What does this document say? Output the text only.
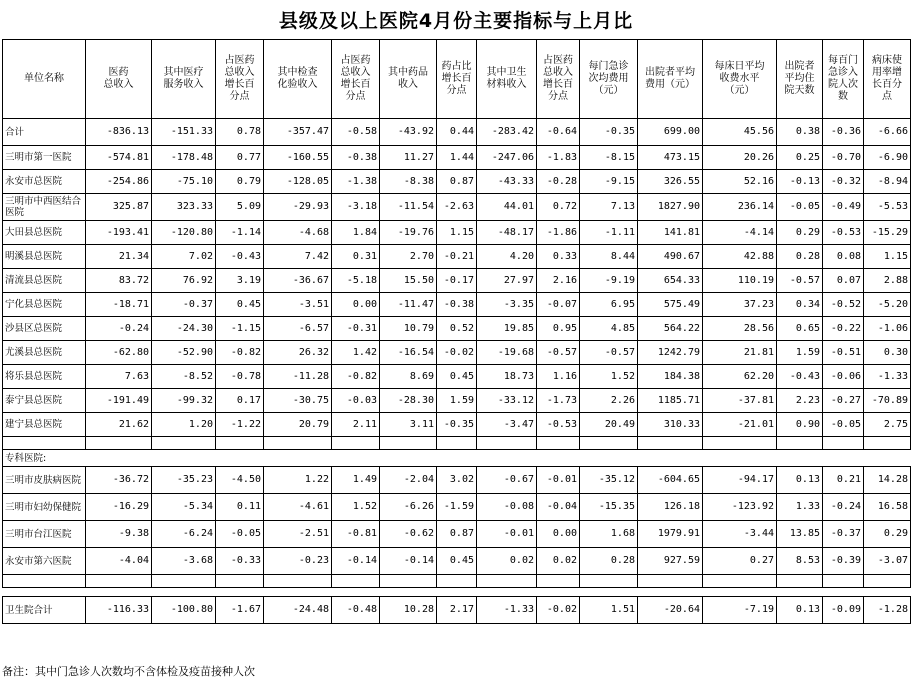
县级及以上医院4月份主要指标与上月比
单位名称	医药
总收入	其中医疗
服务收入	占医药
总收入
增长百
分点	其中检查
化验收入	占医药
总收入
增长百
分点	其中药品
收入	药占比
增长百
分点	其中卫生
材料收入	占医药
总收入
增长百
分点	每门急诊
次均费用
（元）	出院者平均
费用（元）	每床日平均
收费水平
（元）	出院者
平均住
院天数	每百门
急诊入
院人次
数	病床使
用率增
长百分
点
合计	-836.13	-151.33	0.78	-357.47	-0.58	-43.92	0.44	-283.42	-0.64	-0.35	699.00	45.56	0.38	-0.36	-6.66
三明市第一医院	-574.81	-178.48	0.77	-160.55	-0.38	11.27	1.44	-247.06	-1.83	-8.15	473.15	20.26	0.25	-0.70	-6.90
永安市总医院	-254.86	-75.10	0.79	-128.05	-1.38	-8.38	0.87	-43.33	-0.28	-9.15	326.55	52.16	-0.13	-0.32	-8.94
三明市中西医结合医院	325.87	323.33	5.09	-29.93	-3.18	-11.54	-2.63	44.01	0.72	7.13	1827.90	236.14	-0.05	-0.49	-5.53
大田县总医院	-193.41	-120.80	-1.14	-4.68	1.84	-19.76	1.15	-48.17	-1.86	-1.11	141.81	-4.14	0.29	-0.53	-15.29
明溪县总医院	21.34	7.02	-0.43	7.42	0.31	2.70	-0.21	4.20	0.33	8.44	490.67	42.88	0.28	0.08	1.15
清流县总医院	83.72	76.92	3.19	-36.67	-5.18	15.50	-0.17	27.97	2.16	-9.19	654.33	110.19	-0.57	0.07	2.88
宁化县总医院	-18.71	-0.37	0.45	-3.51	0.00	-11.47	-0.38	-3.35	-0.07	6.95	575.49	37.23	0.34	-0.52	-5.20
沙县区总医院	-0.24	-24.30	-1.15	-6.57	-0.31	10.79	0.52	19.85	0.95	4.85	564.22	28.56	0.65	-0.22	-1.06
尤溪县总医院	-62.80	-52.90	-0.82	26.32	1.42	-16.54	-0.02	-19.68	-0.57	-0.57	1242.79	21.81	1.59	-0.51	0.30
将乐县总医院	7.63	-8.52	-0.78	-11.28	-0.82	8.69	0.45	18.73	1.16	1.52	184.38	62.20	-0.43	-0.06	-1.33
泰宁县总医院	-191.49	-99.32	0.17	-30.75	-0.03	-28.30	1.59	-33.12	-1.73	2.26	1185.71	-37.81	2.23	-0.27	-70.89
建宁县总医院	21.62	1.20	-1.22	20.79	2.11	3.11	-0.35	-3.47	-0.53	20.49	310.33	-21.01	0.90	-0.05	2.75

专科医院:															
三明市皮肤病医院	-36.72	-35.23	-4.50	1.22	1.49	-2.04	3.02	-0.67	-0.01	-35.12	-604.65	-94.17	0.13	0.21	14.28
三明市妇幼保健院	-16.29	-5.34	0.11	-4.61	1.52	-6.26	-1.59	-0.08	-0.04	-15.35	126.18	-123.92	1.33	-0.24	16.58
三明市台江医院	-9.38	-6.24	-0.05	-2.51	-0.81	-0.62	0.87	-0.01	0.00	1.68	1979.91	-3.44	13.85	-0.37	0.29
永安市第六医院	-4.04	-3.68	-0.33	-0.23	-0.14	-0.14	0.45	0.02	0.02	0.28	927.59	0.27	8.53	-0.39	-3.07

卫生院合计	-116.33	-100.80	-1.67	-24.48	-0.48	10.28	2.17	-1.33	-0.02	1.51	-20.64	-7.19	0.13	-0.09	-1.28
备注：其中门急诊人次数均不含体检及疫苗接种人次
